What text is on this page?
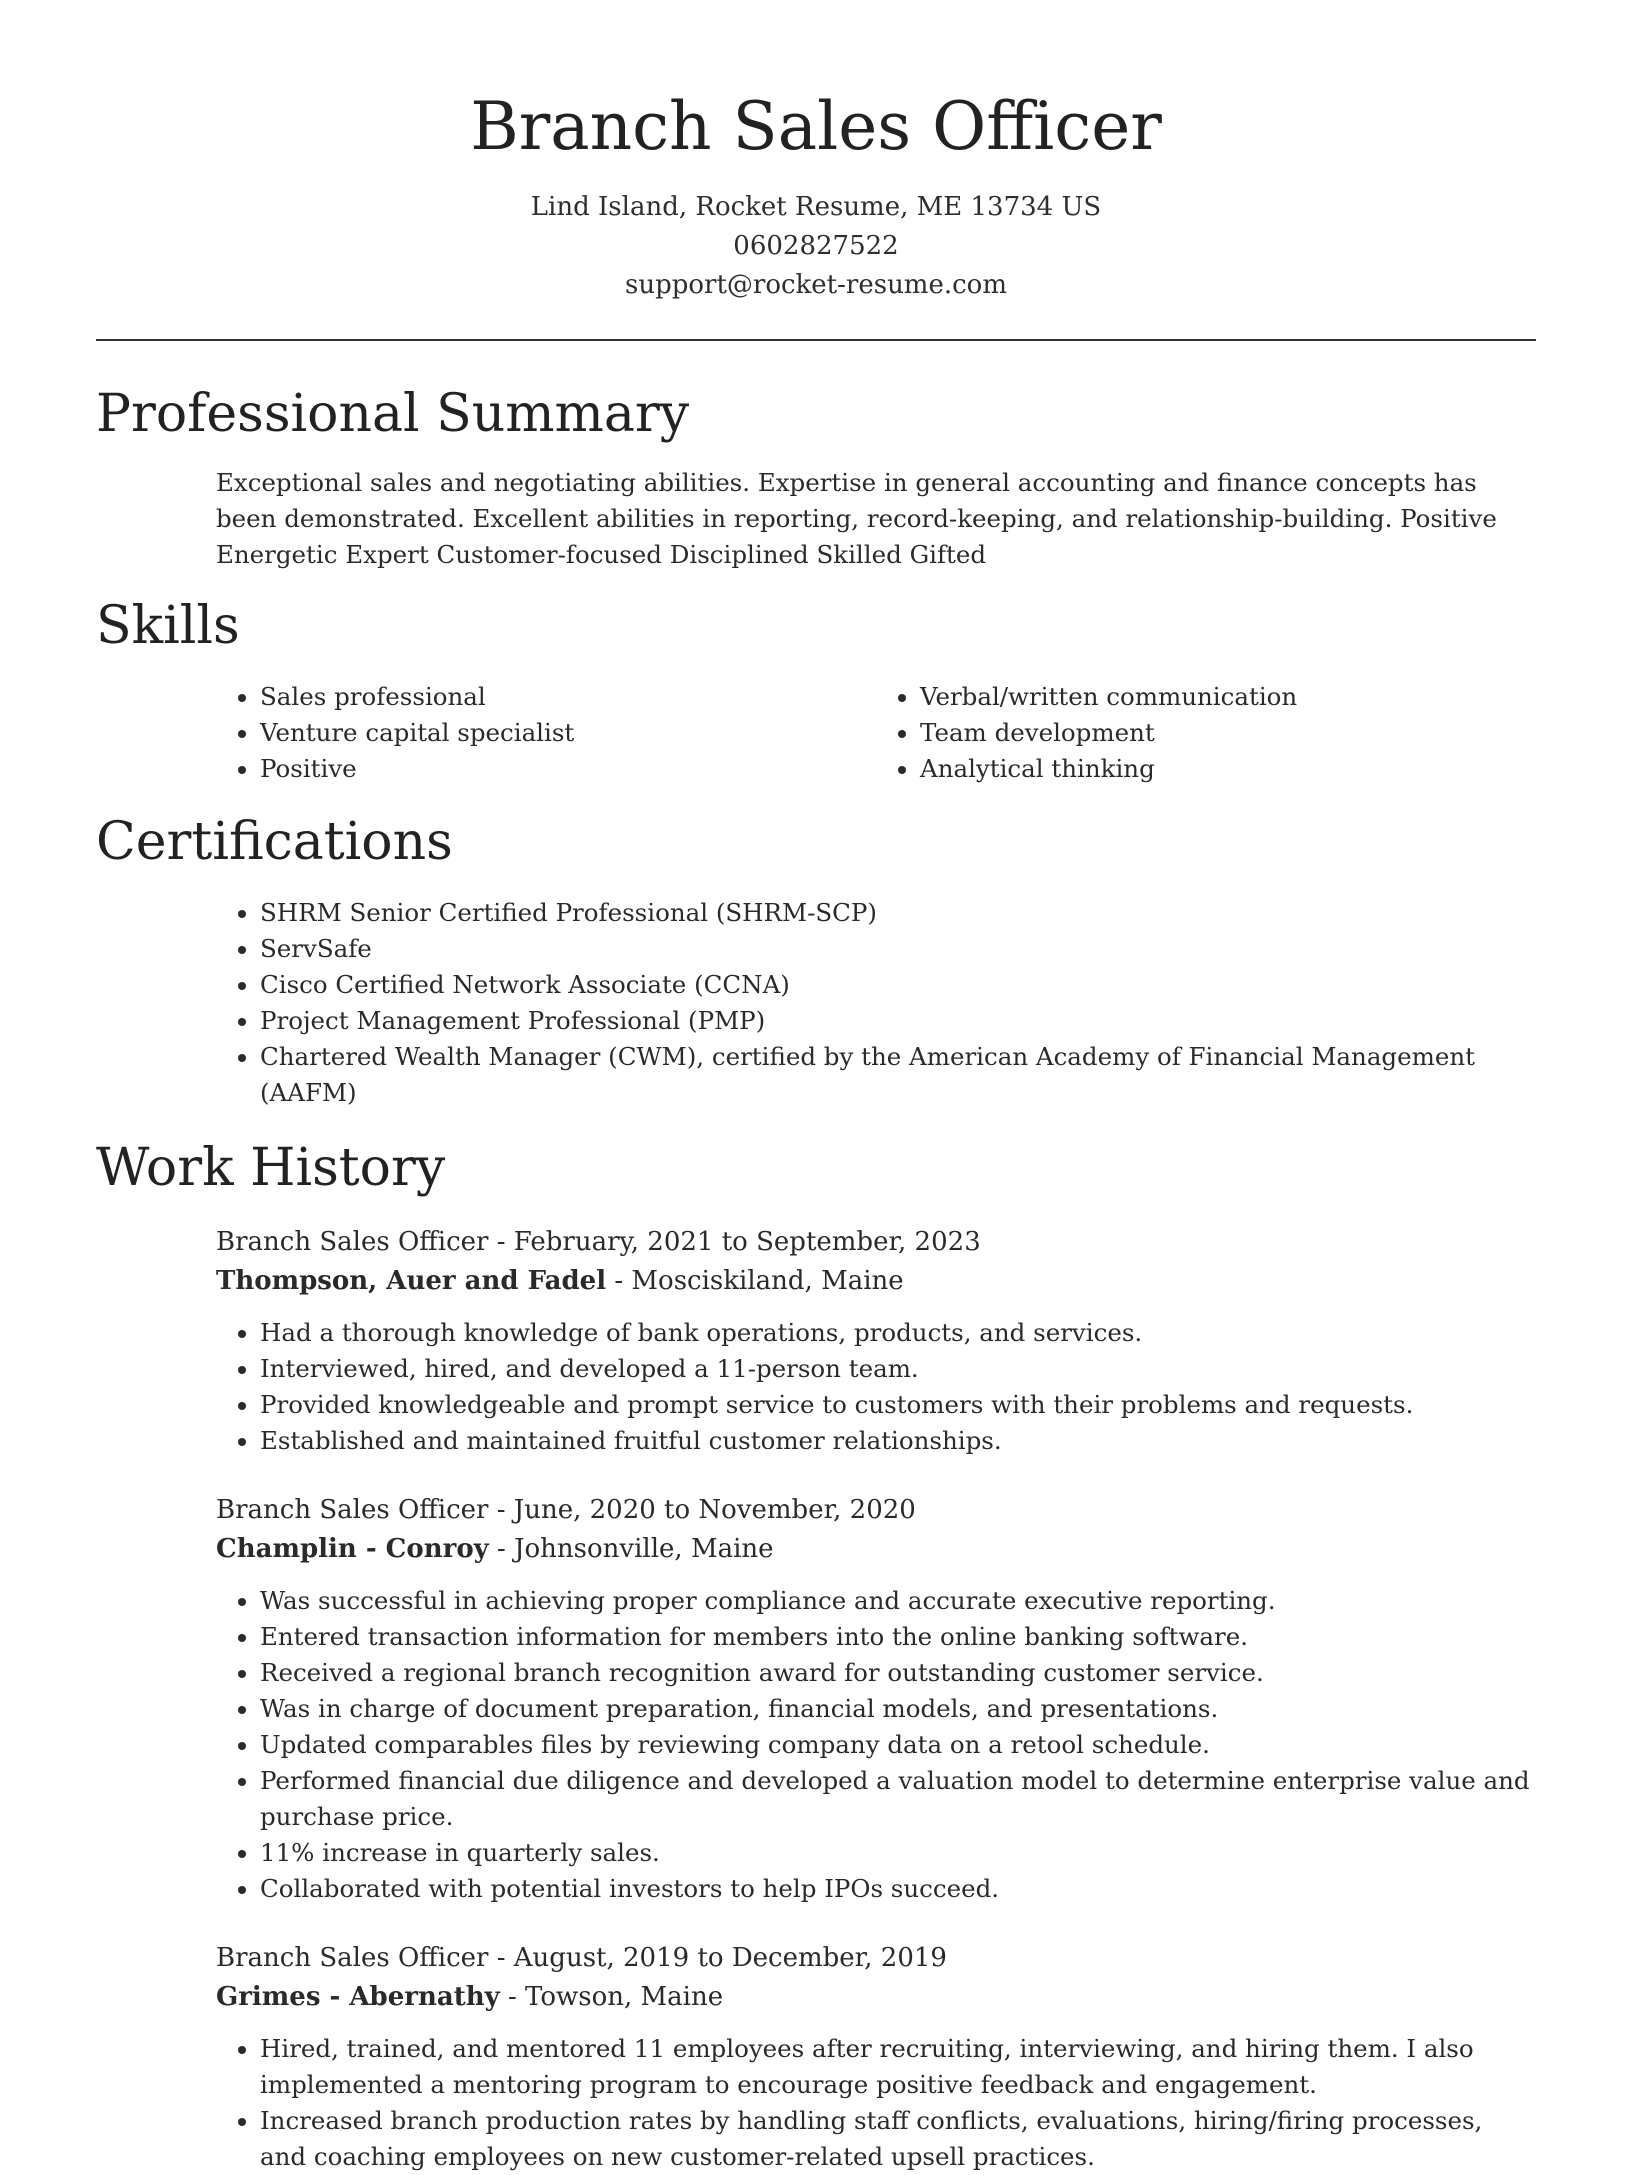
Branch Sales Officer
Lind Island, Rocket Resume, ME 13734 US
0602827522
support@rocket-resume.com
Professional Summary

Exceptional sales and negotiating abilities. Expertise in general accounting and finance concepts has been demonstrated. Excellent abilities in reporting, record-keeping, and relationship-building. Positive Energetic Expert Customer-focused Disciplined Skilled Gifted

Skills
• Sales professional
• Venture capital specialist
• Positive
• Verbal/written communication
• Team development
• Analytical thinking
Certifications
• SHRM Senior Certified Professional (SHRM-SCP)
• ServSafe
• Cisco Certified Network Associate (CCNA)
• Project Management Professional (PMP)
• Chartered Wealth Manager (CWM), certified by the American Academy of Financial Management (AAFM)
Work History
Branch Sales Officer - February, 2021 to September, 2023
Thompson, Auer and Fadel - Mosciskiland, Maine
• Had a thorough knowledge of bank operations, products, and services.
• Interviewed, hired, and developed a 11-person team.
• Provided knowledgeable and prompt service to customers with their problems and requests.
• Established and maintained fruitful customer relationships.
Branch Sales Officer - June, 2020 to November, 2020
Champlin - Conroy - Johnsonville, Maine
• Was successful in achieving proper compliance and accurate executive reporting.
• Entered transaction information for members into the online banking software.
• Received a regional branch recognition award for outstanding customer service.
• Was in charge of document preparation, financial models, and presentations.
• Updated comparables files by reviewing company data on a retool schedule.
• Performed financial due diligence and developed a valuation model to determine enterprise value and purchase price.
• 11% increase in quarterly sales.
• Collaborated with potential investors to help IPOs succeed.
Branch Sales Officer - August, 2019 to December, 2019
Grimes - Abernathy - Towson, Maine
• Hired, trained, and mentored 11 employees after recruiting, interviewing, and hiring them. I also implemented a mentoring program to encourage positive feedback and engagement.
• Increased branch production rates by handling staff conflicts, evaluations, hiring/firing processes, and coaching employees on new customer-related upsell practices.
